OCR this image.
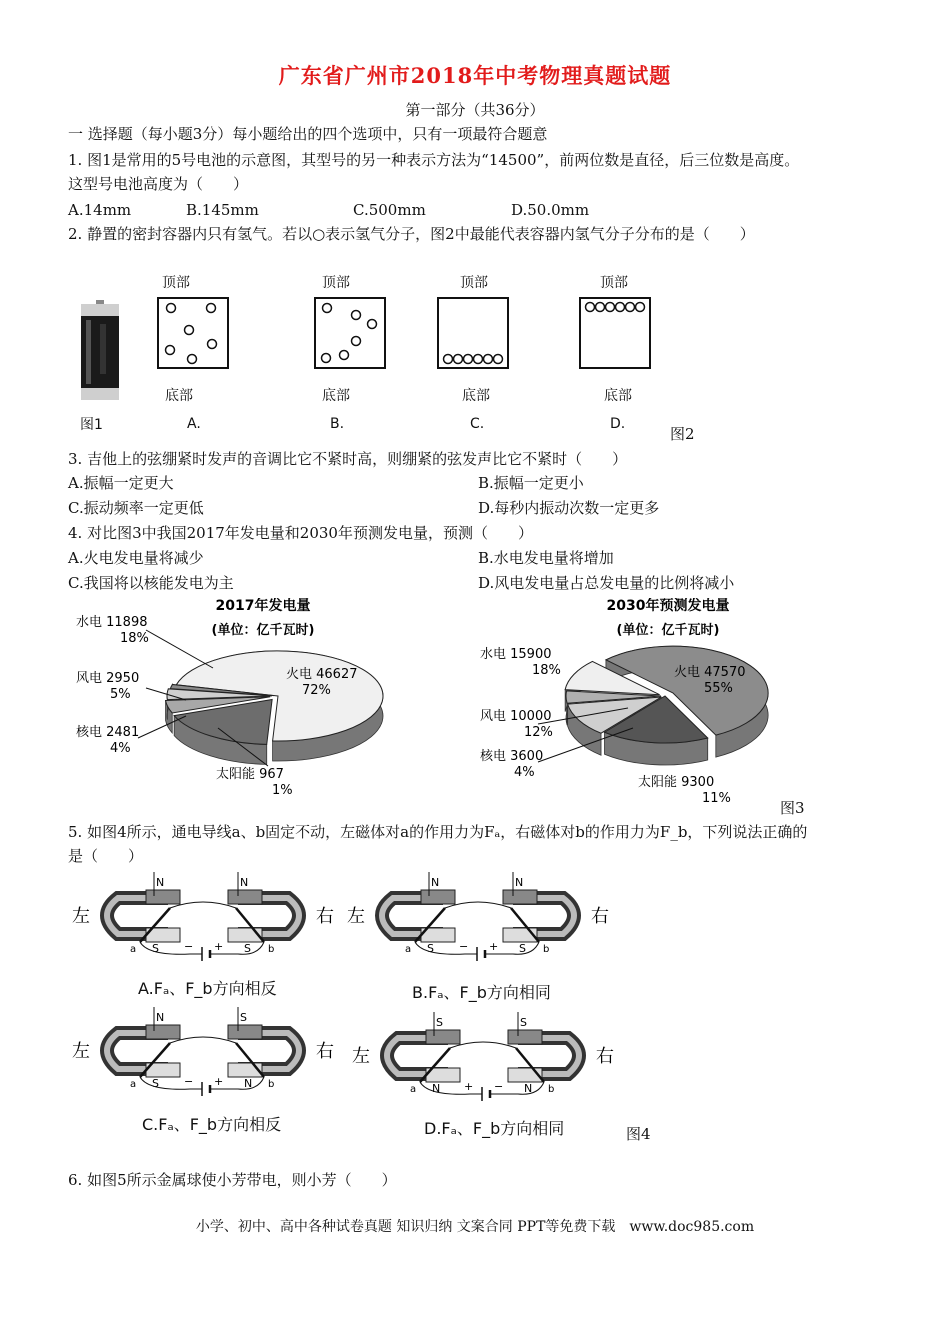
广东省广州市2018年中考物理真题试题
第一部分（共36分）
一 选择题（每小题3分）每小题给出的四个选项中，只有一项最符合题意
1. 图1是常用的5号电池的示意图，其型号的另一种表示方法为“14500”，前两位数是直径，后三位数是高度。
这型号电池高度为（　　）
A.14mm	B.145mm	C.500mm	D.50.0mm
2. 静置的密封容器内只有氢气。若以○表示氢气分子，图2中最能代表容器内氢气分子分布的是（　　）
图1
顶部
底部
A.
顶部
底部
B.
顶部
底部
C.
顶部
底部
D.
图2
3. 吉他上的弦绷紧时发声的音调比它不紧时高，则绷紧的弦发声比它不紧时（　　）
A.振幅一定更大	B.振幅一定更小
C.振动频率一定更低	D.每秒内振动次数一定更多
4. 对比图3中我国2017年发电量和2030年预测发电量，预测（　　）
A.火电发电量将减少	B.水电发电量将增加
C.我国将以核能发电为主	D.风电发电量占总发电量的比例将减小
2017年发电量
(单位：亿千瓦时)
火电 46627
72%
水电 11898
18%
风电 2950
5%
核电 2481
4%
太阳能 967
1%
2030年预测发电量
(单位：亿千瓦时)
火电 47570
55%
水电 15900
18%
风电 10000
12%
核电 3600
4%
太阳能 9300
11%
图3
5. 如图4所示，通电导线a、b固定不动，左磁体对a的作用力为Fₐ，右磁体对b的作用力为F_b，下列说法正确的
是（　　）
左	右
N	N
S	S
a	b
− +
左	右
N	N
S	S
a	b
− +
左	右
N	S
S	N
a	b
− +
左	右
S	S
N	N
a	b
+ −
A.Fₐ、F_b方向相反	B.Fₐ、F_b方向相同
C.Fₐ、F_b方向相反	D.Fₐ、F_b方向相同	图4
6. 如图5所示金属球使小芳带电，则小芳（　　）
小学、初中、高中各种试卷真题 知识归纳 文案合同 PPT等免费下载　www.doc985.com
